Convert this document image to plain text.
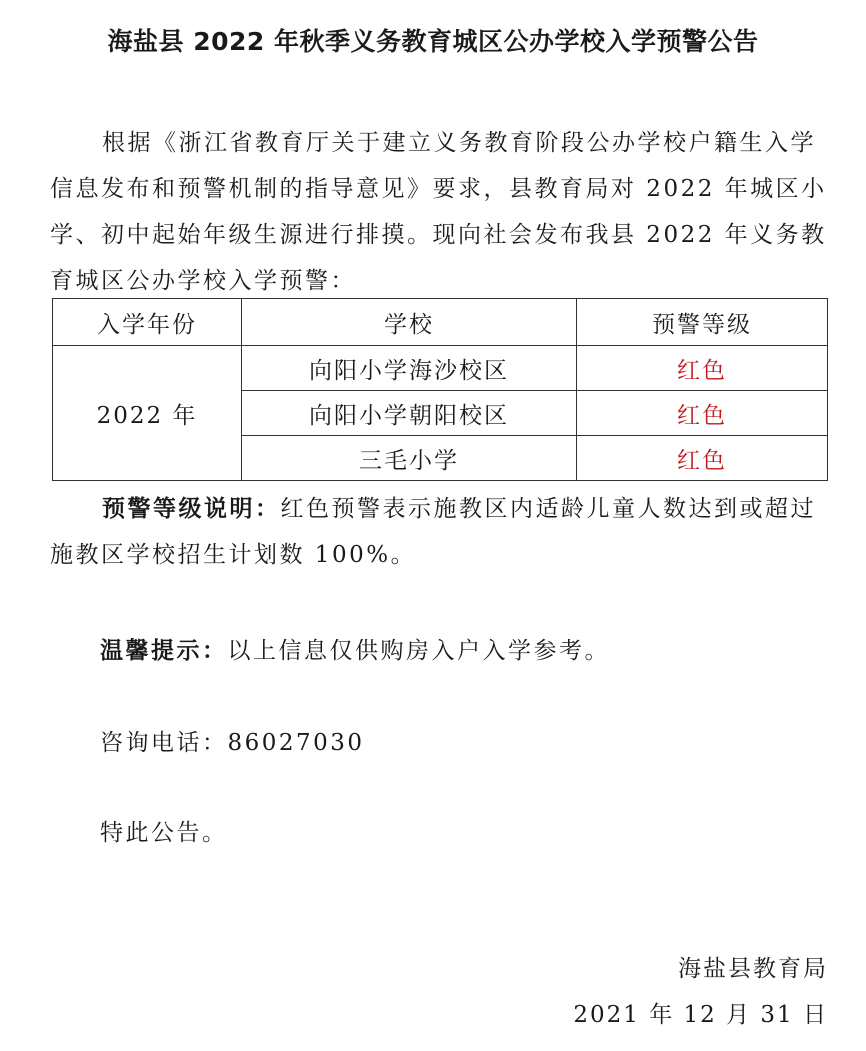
海盐县 2022 年秋季义务教育城区公办学校入学预警公告

根据《浙江省教育厅关于建立义务教育阶段公办学校户籍生入学信息发布和预警机制的指导意见》要求，县教育局对 2022 年城区小学、初中起始年级生源进行排摸。现向社会发布我县 2022 年义务教育城区公办学校入学预警：

入学年份	学校	预警等级
2022 年	向阳小学海沙校区	红色
	向阳小学朝阳校区	红色
	三毛小学	红色

预警等级说明：红色预警表示施教区内适龄儿童人数达到或超过施教区学校招生计划数 100%。

温馨提示：以上信息仅供购房入户入学参考。
咨询电话：86027030
特此公告。
海盐县教育局
2021 年 12 月 31 日
